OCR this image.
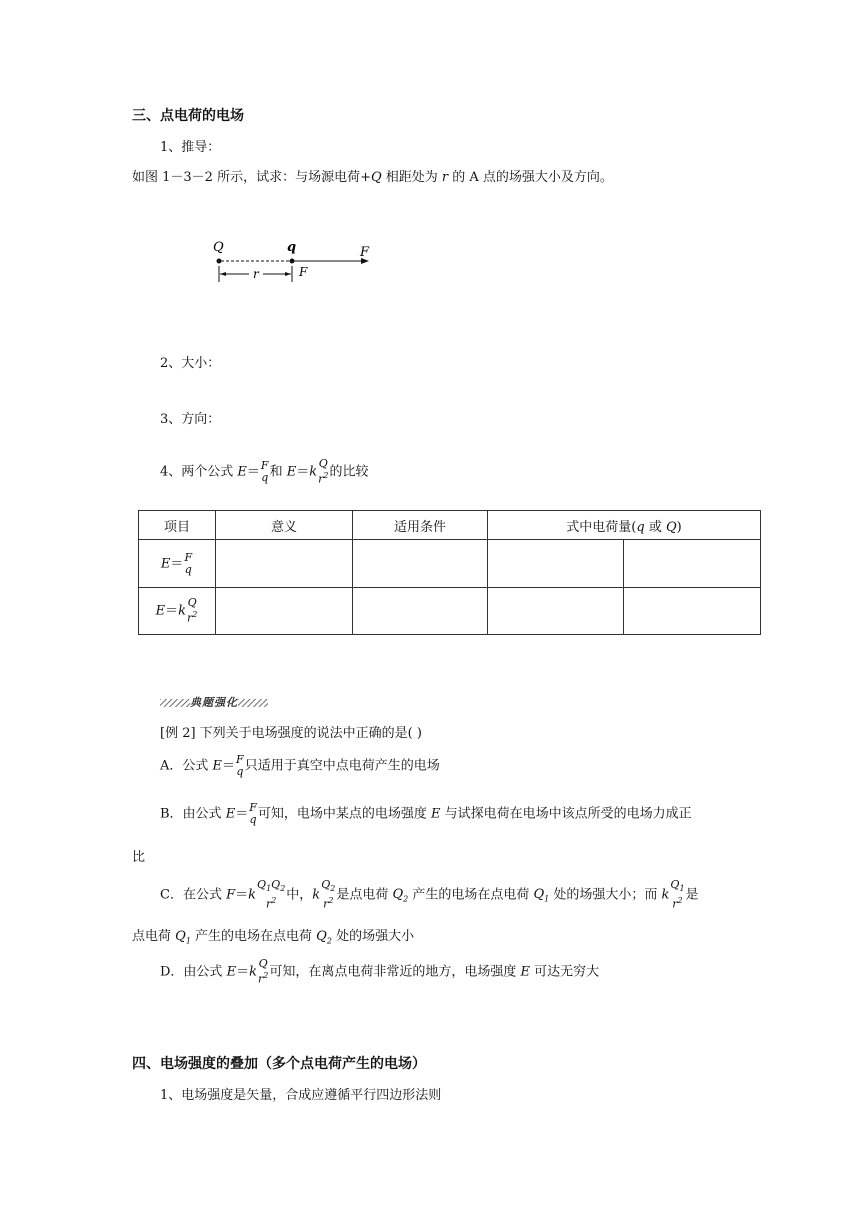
三、点电荷的电场
1、推导：
如图 1－3－2 所示，试求：与场源电荷+Q 相距处为 r 的 A 点的场强大小及方向。
Q	q	F
F
r
2、大小：
3、方向：
4、两个公式 E＝ F
q 和 E＝k
Q
$r^2$ 的比较
项目	意义	适用条件	式中电荷量(q 或 Q)	
E＝ F
q				

E＝k
Q
$r^2$

典题强化
[例 2] 下列关于电场强度的说法中正确的是( )
A．公式 E＝ F
q 只适用于真空中点电荷产生的电场
B．由公式 E＝ F
q 可知，电场中某点的电场强度 E 与试探电荷在电场中该点所受的电场力成正
比
C．在公式 F＝k
$Q_1Q_2$
$r^2$ 中，k
$Q_2$
$r^2$ 是点电荷 $Q_2$ 产生的电场在点电荷 $Q_1$ 处的场强大小；而 k
$Q_1$
$r^2$ 是
点电荷 $Q_1$ 产生的电场在点电荷 $Q_2$ 处的场强大小
D．由公式 E＝k
Q
$r^2$ 可知，在离点电荷非常近的地方，电场强度 E 可达无穷大
四、电场强度的叠加（多个点电荷产生的电场）
1、电场强度是矢量，合成应遵循平行四边形法则
